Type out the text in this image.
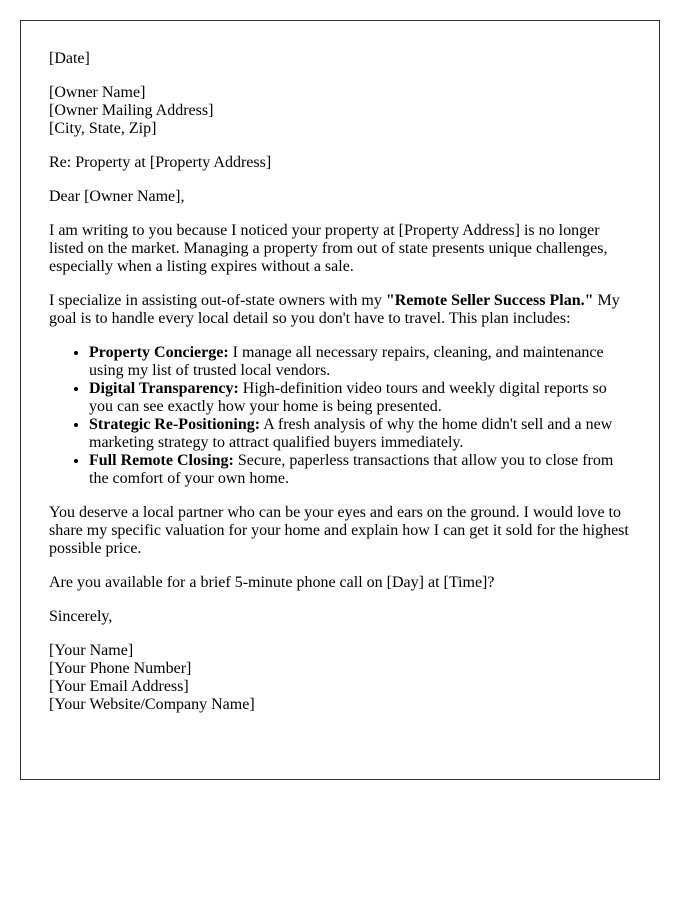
[Date]
[Owner Name]
[Owner Mailing Address]
[City, State, Zip]

Re: Property at [Property Address]

Dear [Owner Name],

I am writing to you because I noticed your property at [Property Address] is no longer listed on the market. Managing a property from out of state presents unique challenges, especially when a listing expires without a sale.

I specialize in assisting out-of-state owners with my "Remote Seller Success Plan." My goal is to handle every local detail so you don't have to travel. This plan includes:

• Property Concierge: I manage all necessary repairs, cleaning, and maintenance using my list of trusted local vendors.
• Digital Transparency: High-definition video tours and weekly digital reports so you can see exactly how your home is being presented.
• Strategic Re-Positioning: A fresh analysis of why the home didn't sell and a new marketing strategy to attract qualified buyers immediately.
• Full Remote Closing: Secure, paperless transactions that allow you to close from the comfort of your own home.

You deserve a local partner who can be your eyes and ears on the ground. I would love to share my specific valuation for your home and explain how I can get it sold for the highest possible price.

Are you available for a brief 5-minute phone call on [Day] at [Time]?

Sincerely,

[Your Name]
[Your Phone Number]
[Your Email Address]
[Your Website/Company Name]
